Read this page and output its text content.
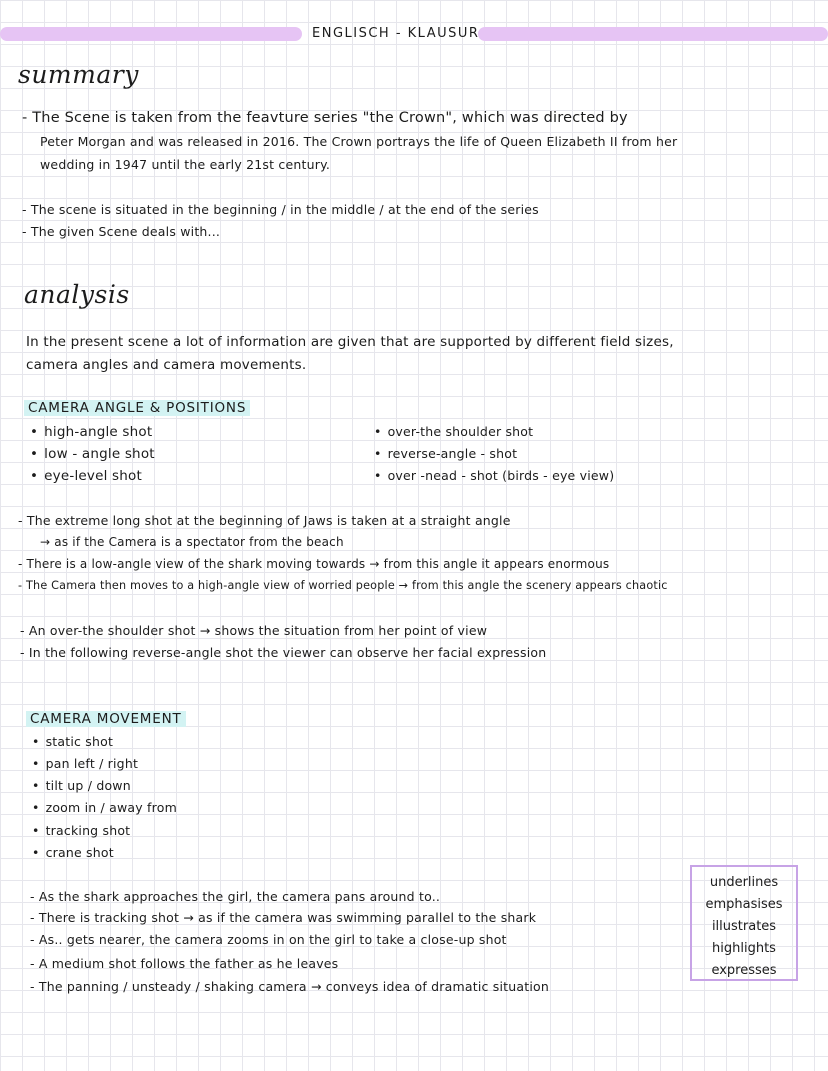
ENGLISCH - KLAUSUR
summary
- The Scene is taken from the feavture series "the Crown", which was directed by
Peter Morgan and was released in 2016. The Crown portrays the life of Queen Elizabeth II from her
wedding in 1947 until the early 21st century.
- The scene is situated in the beginning / in the middle / at the end of the series
- The given Scene deals with...
analysis
In the present scene a lot of information are given that are supported by different field sizes,
camera angles and camera movements.
CAMERA ANGLE & POSITIONS
• high-angle shot
• low - angle shot
• eye-level shot
• over-the shoulder shot
• reverse-angle - shot
• over -nead - shot (birds - eye view)
- The extreme long shot at the beginning of Jaws is taken at a straight angle
→ as if the Camera is a spectator from the beach
- There is a low-angle view of the shark moving towards → from this angle it appears enormous
- The Camera then moves to a high-angle view of worried people → from this angle the scenery appears chaotic
- An over-the shoulder shot → shows the situation from her point of view
- In the following reverse-angle shot the viewer can observe her facial expression
CAMERA MOVEMENT
• static shot
• pan left / right
• tilt up / down
• zoom in / away from
• tracking shot
• crane shot
- As the shark approaches the girl, the camera pans around to..
- There is tracking shot → as if the camera was swimming parallel to the shark
- As.. gets nearer, the camera zooms in on the girl to take a close-up shot
- A medium shot follows the father as he leaves
- The panning / unsteady / shaking camera → conveys idea of dramatic situation
underlines
emphasises
illustrates
highlights
expresses
